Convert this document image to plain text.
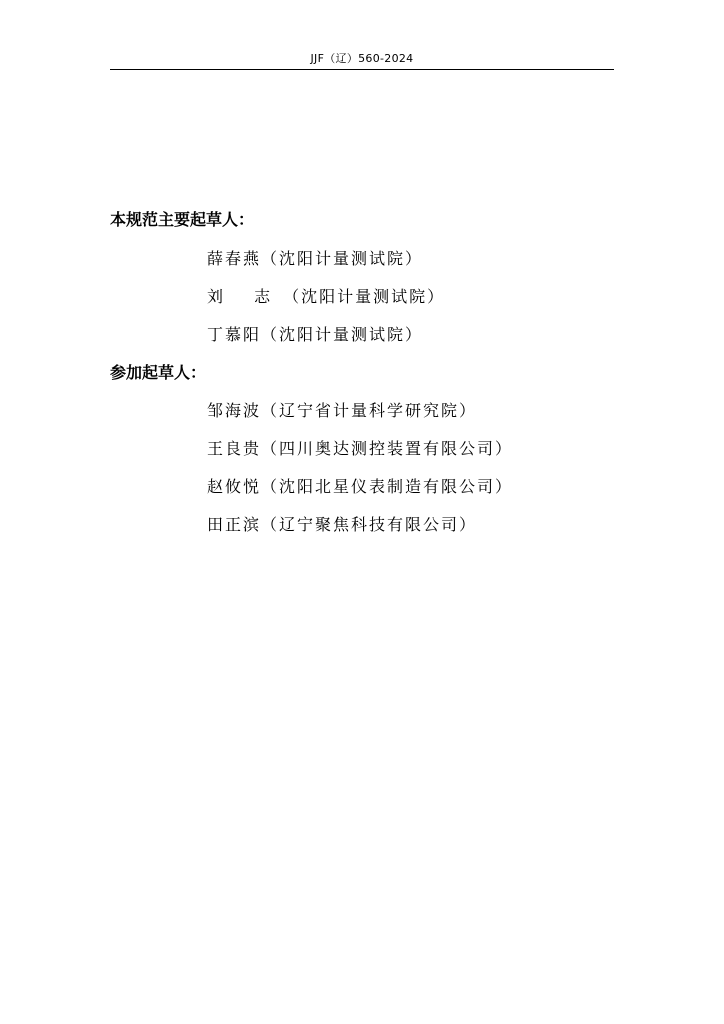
JJF（辽）560-2024
本规范主要起草人：
薛春燕（沈阳计量测试院）
刘 志（沈阳计量测试院）
丁慕阳（沈阳计量测试院）
参加起草人：
邹海波（辽宁省计量科学研究院）
王良贵（四川奥达测控装置有限公司）
赵攸悦（沈阳北星仪表制造有限公司）
田正滨（辽宁聚焦科技有限公司）
